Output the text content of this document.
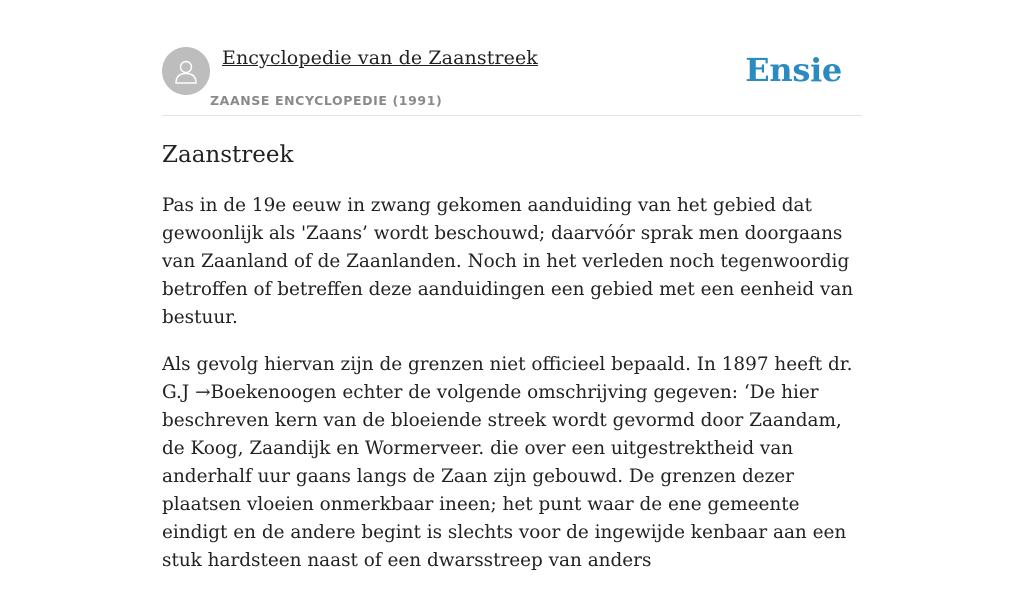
Encyclopedie van de Zaanstreek
ZAANSE ENCYCLOPEDIE (1991)
Ensie
Zaanstreek

Pas in de 19e eeuw in zwang gekomen aanduiding van het gebied dat gewoonlijk als 'Zaans’ wordt beschouwd; daarvóór sprak men doorgaans van Zaanland of de Zaanlanden. Noch in het verleden noch tegenwoordig betroffen of betreffen deze aanduidingen een gebied met een eenheid van bestuur.

Als gevolg hiervan zijn de grenzen niet officieel bepaald. In 1897 heeft dr. G.J →Boekenoogen echter de volgende omschrijving gegeven: ‘De hier beschreven kern van de bloeiende streek wordt gevormd door Zaandam, de Koog, Zaandijk en Wormerveer. die over een uitgestrektheid van anderhalf uur gaans langs de Zaan zijn gebouwd. De grenzen dezer plaatsen vloeien onmerkbaar ineen; het punt waar de ene gemeente eindigt en de andere begint is slechts voor de ingewijde kenbaar aan een stuk hardsteen naast of een dwarsstreep van anders
